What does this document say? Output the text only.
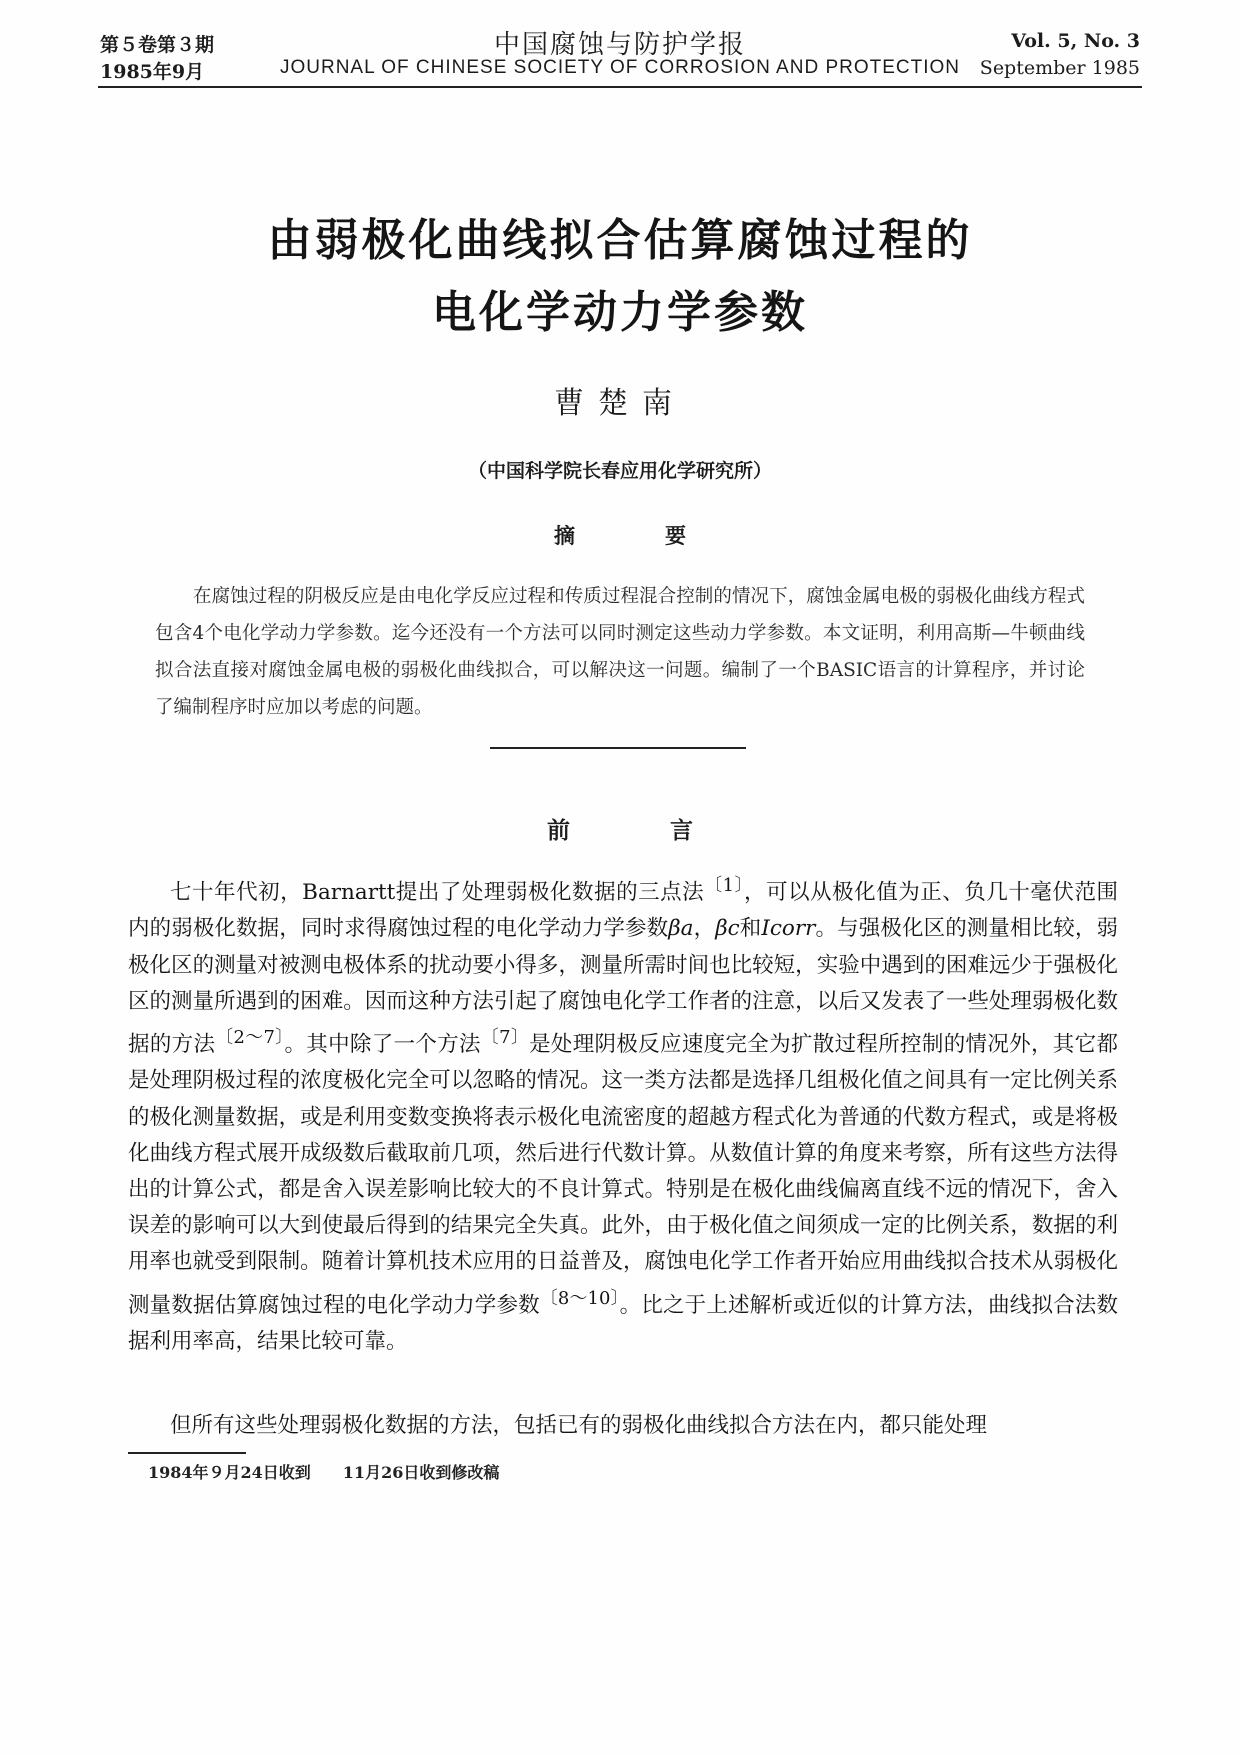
第５卷第３期	中国腐蚀与防护学报	Vol. 5, No. 3
1985年9月	JOURNAL OF CHINESE SOCIETY OF CORROSION AND PROTECTION	September 1985
由弱极化曲线拟合估算腐蚀过程的
电化学动力学参数
曹楚南
（中国科学院长春应用化学研究所）
摘要
在腐蚀过程的阴极反应是由电化学反应过程和传质过程混合控制的情况下，腐蚀金属电极的弱极化曲线方程式包含4个电化学动力学参数。迄今还没有一个方法可以同时测定这些动力学参数。本文证明，利用高斯—牛顿曲线拟合法直接对腐蚀金属电极的弱极化曲线拟合，可以解决这一问题。编制了一个BASIC语言的计算程序，并讨论了编制程序时应加以考虑的问题。
前言
七十年代初，Barnartt提出了处理弱极化数据的三点法$^{〔1〕}$，可以从极化值为正、负几十毫伏范围内的弱极化数据，同时求得腐蚀过程的电化学动力学参数βa，βc和Icorr。与强极化区的测量相比较，弱极化区的测量对被测电极体系的扰动要小得多，测量所需时间也比较短，实验中遇到的困难远少于强极化区的测量所遇到的困难。因而这种方法引起了腐蚀电化学工作者的注意，以后又发表了一些处理弱极化数据的方法$^{〔2\sim 7〕}$。其中除了一个方法$^{〔7〕}$是处理阴极反应速度完全为扩散过程所控制的情况外，其它都是处理阴极过程的浓度极化完全可以忽略的情况。这一类方法都是选择几组极化值之间具有一定比例关系的极化测量数据，或是利用变数变换将表示极化电流密度的超越方程式化为普通的代数方程式，或是将极化曲线方程式展开成级数后截取前几项，然后进行代数计算。从数值计算的角度来考察，所有这些方法得出的计算公式，都是舍入误差影响比较大的不良计算式。特别是在极化曲线偏离直线不远的情况下，舍入误差的影响可以大到使最后得到的结果完全失真。此外，由于极化值之间须成一定的比例关系，数据的利用率也就受到限制。随着计算机技术应用的日益普及，腐蚀电化学工作者开始应用曲线拟合技术从弱极化测量数据估算腐蚀过程的电化学动力学参数$^{〔8\sim 10〕}$。比之于上述解析或近似的计算方法，曲线拟合法数据利用率高，结果比较可靠。
但所有这些处理弱极化数据的方法，包括已有的弱极化曲线拟合方法在内，都只能处理
1984年９月24日收到　　11月26日收到修改稿
